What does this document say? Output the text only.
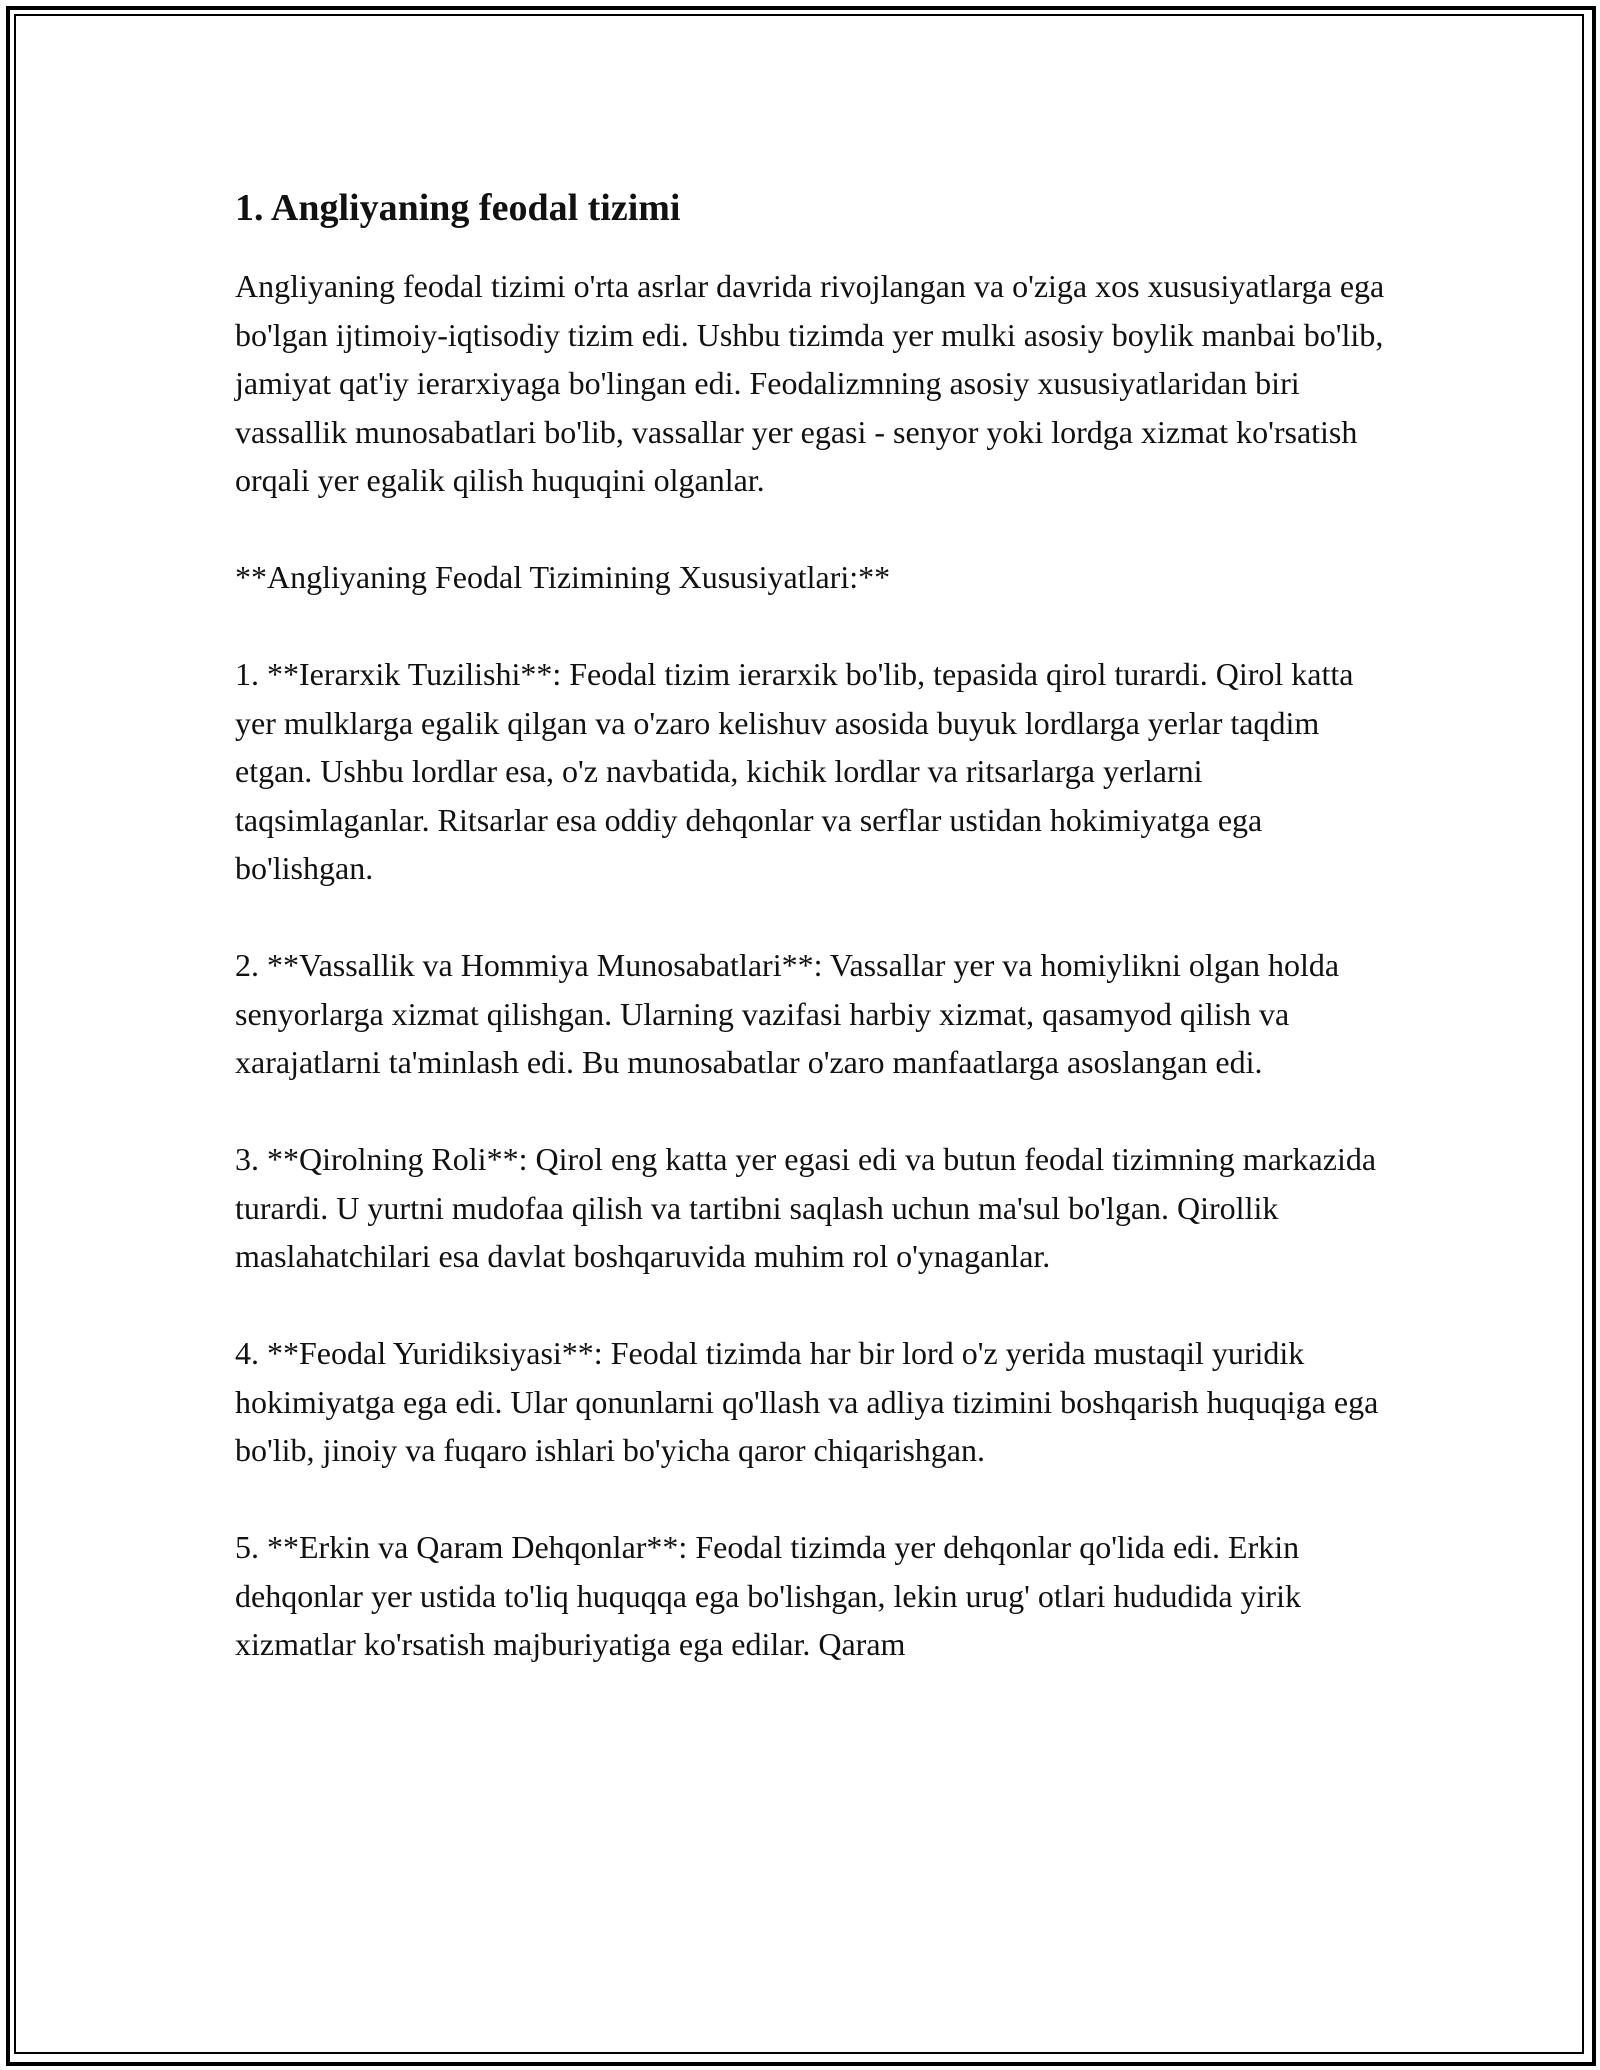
1. Angliyaning feodal tizimi
Angliyaning feodal tizimi o'rta asrlar davrida rivojlangan va o'ziga xos xususiyatlarga ega bo'lgan ijtimoiy-iqtisodiy tizim edi. Ushbu tizimda yer mulki asosiy boylik manbai bo'lib, jamiyat qat'iy ierarxiyaga bo'lingan edi. Feodalizmning asosiy xususiyatlaridan biri vassallik munosabatlari bo'lib, vassallar yer egasi - senyor yoki lordga xizmat ko'rsatish orqali yer egalik qilish huquqini olganlar.
**Angliyaning Feodal Tizimining Xususiyatlari:**
1. **Ierarxik Tuzilishi**: Feodal tizim ierarxik bo'lib, tepasida qirol turardi. Qirol katta yer mulklarga egalik qilgan va o'zaro kelishuv asosida buyuk lordlarga yerlar taqdim etgan. Ushbu lordlar esa, o'z navbatida, kichik lordlar va ritsarlarga yerlarni taqsimlaganlar. Ritsarlar esa oddiy dehqonlar va serflar ustidan hokimiyatga ega bo'lishgan.
2. **Vassallik va Hommiya Munosabatlari**: Vassallar yer va homiylikni olgan holda senyorlarga xizmat qilishgan. Ularning vazifasi harbiy xizmat, qasamyod qilish va xarajatlarni ta'minlash edi. Bu munosabatlar o'zaro manfaatlarga asoslangan edi.
3. **Qirolning Roli**: Qirol eng katta yer egasi edi va butun feodal tizimning markazida turardi. U yurtni mudofaa qilish va tartibni saqlash uchun ma'sul bo'lgan. Qirollik maslahatchilari esa davlat boshqaruvida muhim rol o'ynaganlar.
4. **Feodal Yuridiksiyasi**: Feodal tizimda har bir lord o'z yerida mustaqil yuridik hokimiyatga ega edi. Ular qonunlarni qo'llash va adliya tizimini boshqarish huquqiga ega bo'lib, jinoiy va fuqaro ishlari bo'yicha qaror chiqarishgan.
5. **Erkin va Qaram Dehqonlar**: Feodal tizimda yer dehqonlar qo'lida edi. Erkin dehqonlar yer ustida to'liq huquqqa ega bo'lishgan, lekin urug' otlari hududida yirik xizmatlar ko'rsatish majburiyatiga ega edilar. Qaram
